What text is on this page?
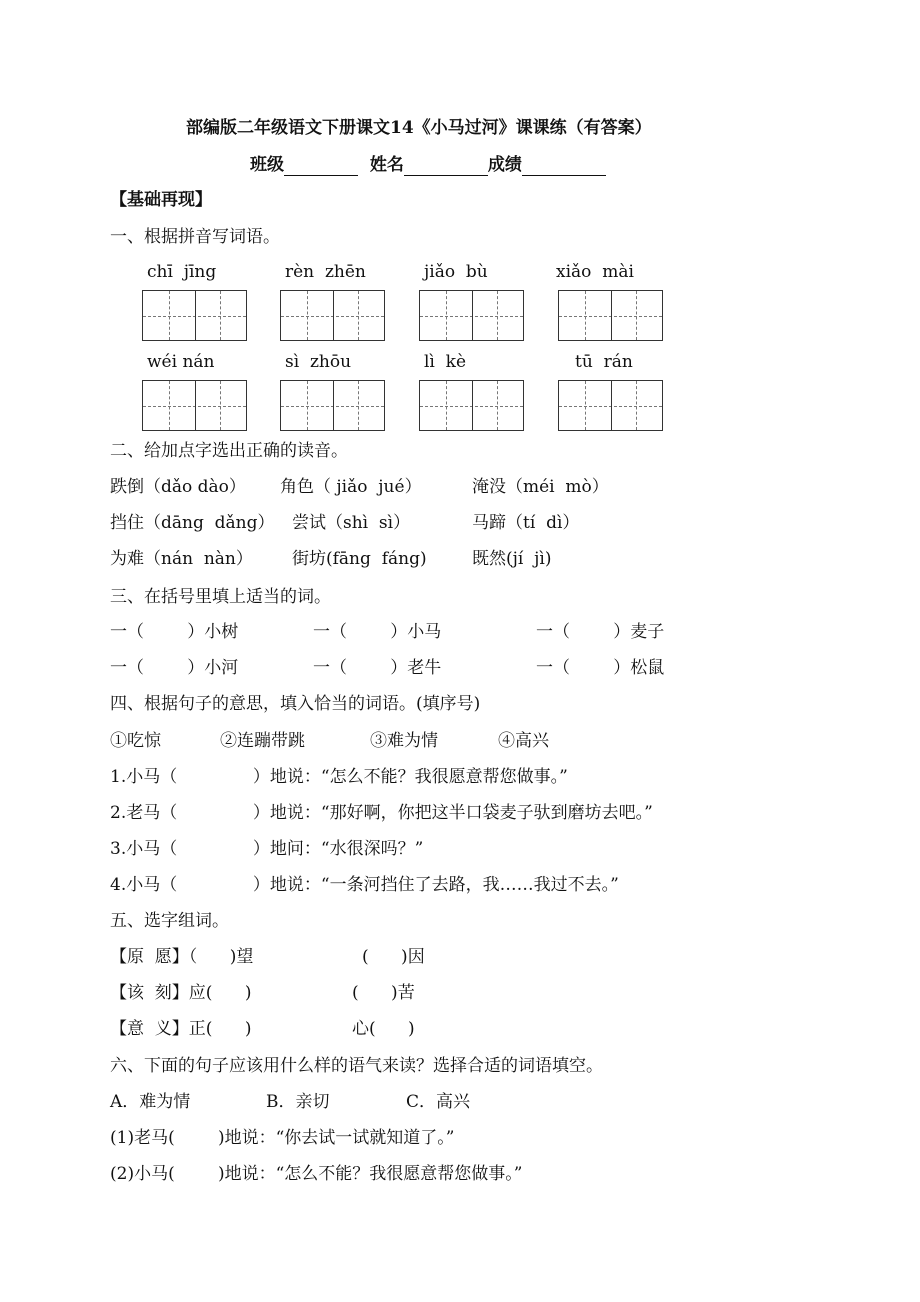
部编版二年级语文下册课文14《小马过河》课课练（有答案）
班级	姓名	成绩
【基础再现】
一、根据拼音写词语。
chī  jīng	rèn  zhēn	jiǎo  bù	xiǎo  mài
wéi nán	sì  zhōu	lì  kè	tū  rán
二、给加点字选出正确的读音。
跌倒（dǎo dào） 角色（ jiǎo  jué）	淹没（méi  mò）
挡住（dāng  dǎng） 尝试（shì  sì）	马蹄（tí  dì）
为难（nán  nàn） 街坊(fāng  fáng)	既然(jí  jì)
三、在括号里填上适当的词。
一（        ）小树	一（        ）小马	一（        ）麦子
一（        ）小河	一（        ）老牛	一（        ）松鼠
四、根据句子的意思，填入恰当的词语。(填序号)
①吃惊	②连蹦带跳	③难为情	④高兴
1.小马（              ）地说：“怎么不能？我很愿意帮您做事。”
2.老马（              ）地说：“那好啊，你把这半口袋麦子驮到磨坊去吧。”
3.小马（              ）地问：“水很深吗？”
4.小马（              ）地说：“一条河挡住了去路，我……我过不去。”
五、选字组词。
【原  愿】（      )望	(      )因
【该  刻】应(      )	(      )苦
【意  义】正(      )	心(      )
六、下面的句子应该用什么样的语气来读？选择合适的词语填空。
A．难为情	B．亲切	C．高兴
(1)老马(        )地说：“你去试一试就知道了。”
(2)小马(        )地说：“怎么不能？我很愿意帮您做事。”
